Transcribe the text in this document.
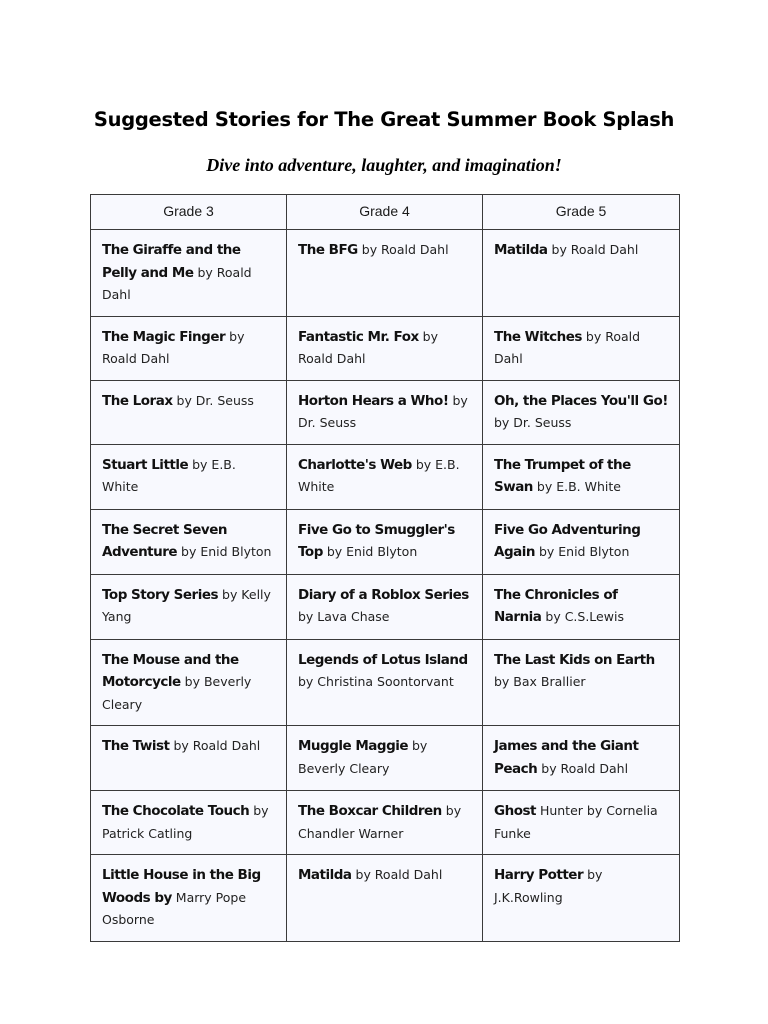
Suggested Stories for The Great Summer Book Splash
Dive into adventure, laughter, and imagination!
Grade 3	Grade 4	Grade 5
The Giraffe and the Pelly and Me by Roald Dahl	The BFG by Roald Dahl	Matilda by Roald Dahl
The Magic Finger by Roald Dahl	Fantastic Mr. Fox by Roald Dahl	The Witches by Roald Dahl
The Lorax by Dr. Seuss	Horton Hears a Who! by Dr. Seuss	Oh, the Places You'll Go! by Dr. Seuss
Stuart Little by E.B. White	Charlotte's Web by E.B. White	The Trumpet of the Swan by E.B. White
The Secret Seven Adventure by Enid Blyton	Five Go to Smuggler's Top by Enid Blyton	Five Go Adventuring Again by Enid Blyton
Top Story Series by Kelly Yang	Diary of a Roblox Series by Lava Chase	The Chronicles of Narnia by C.S.Lewis
The Mouse and the Motorcycle by Beverly Cleary	Legends of Lotus Island by Christina Soontorvant	The Last Kids on Earth by Bax Brallier
The Twist by Roald Dahl	Muggle Maggie by Beverly Cleary	James and the Giant Peach by Roald Dahl
The Chocolate Touch by Patrick Catling	The Boxcar Children by Chandler Warner	Ghost Hunter by Cornelia Funke
Little House in the Big Woods by Marry Pope Osborne	Matilda by Roald Dahl	Harry Potter by J.K.Rowling
